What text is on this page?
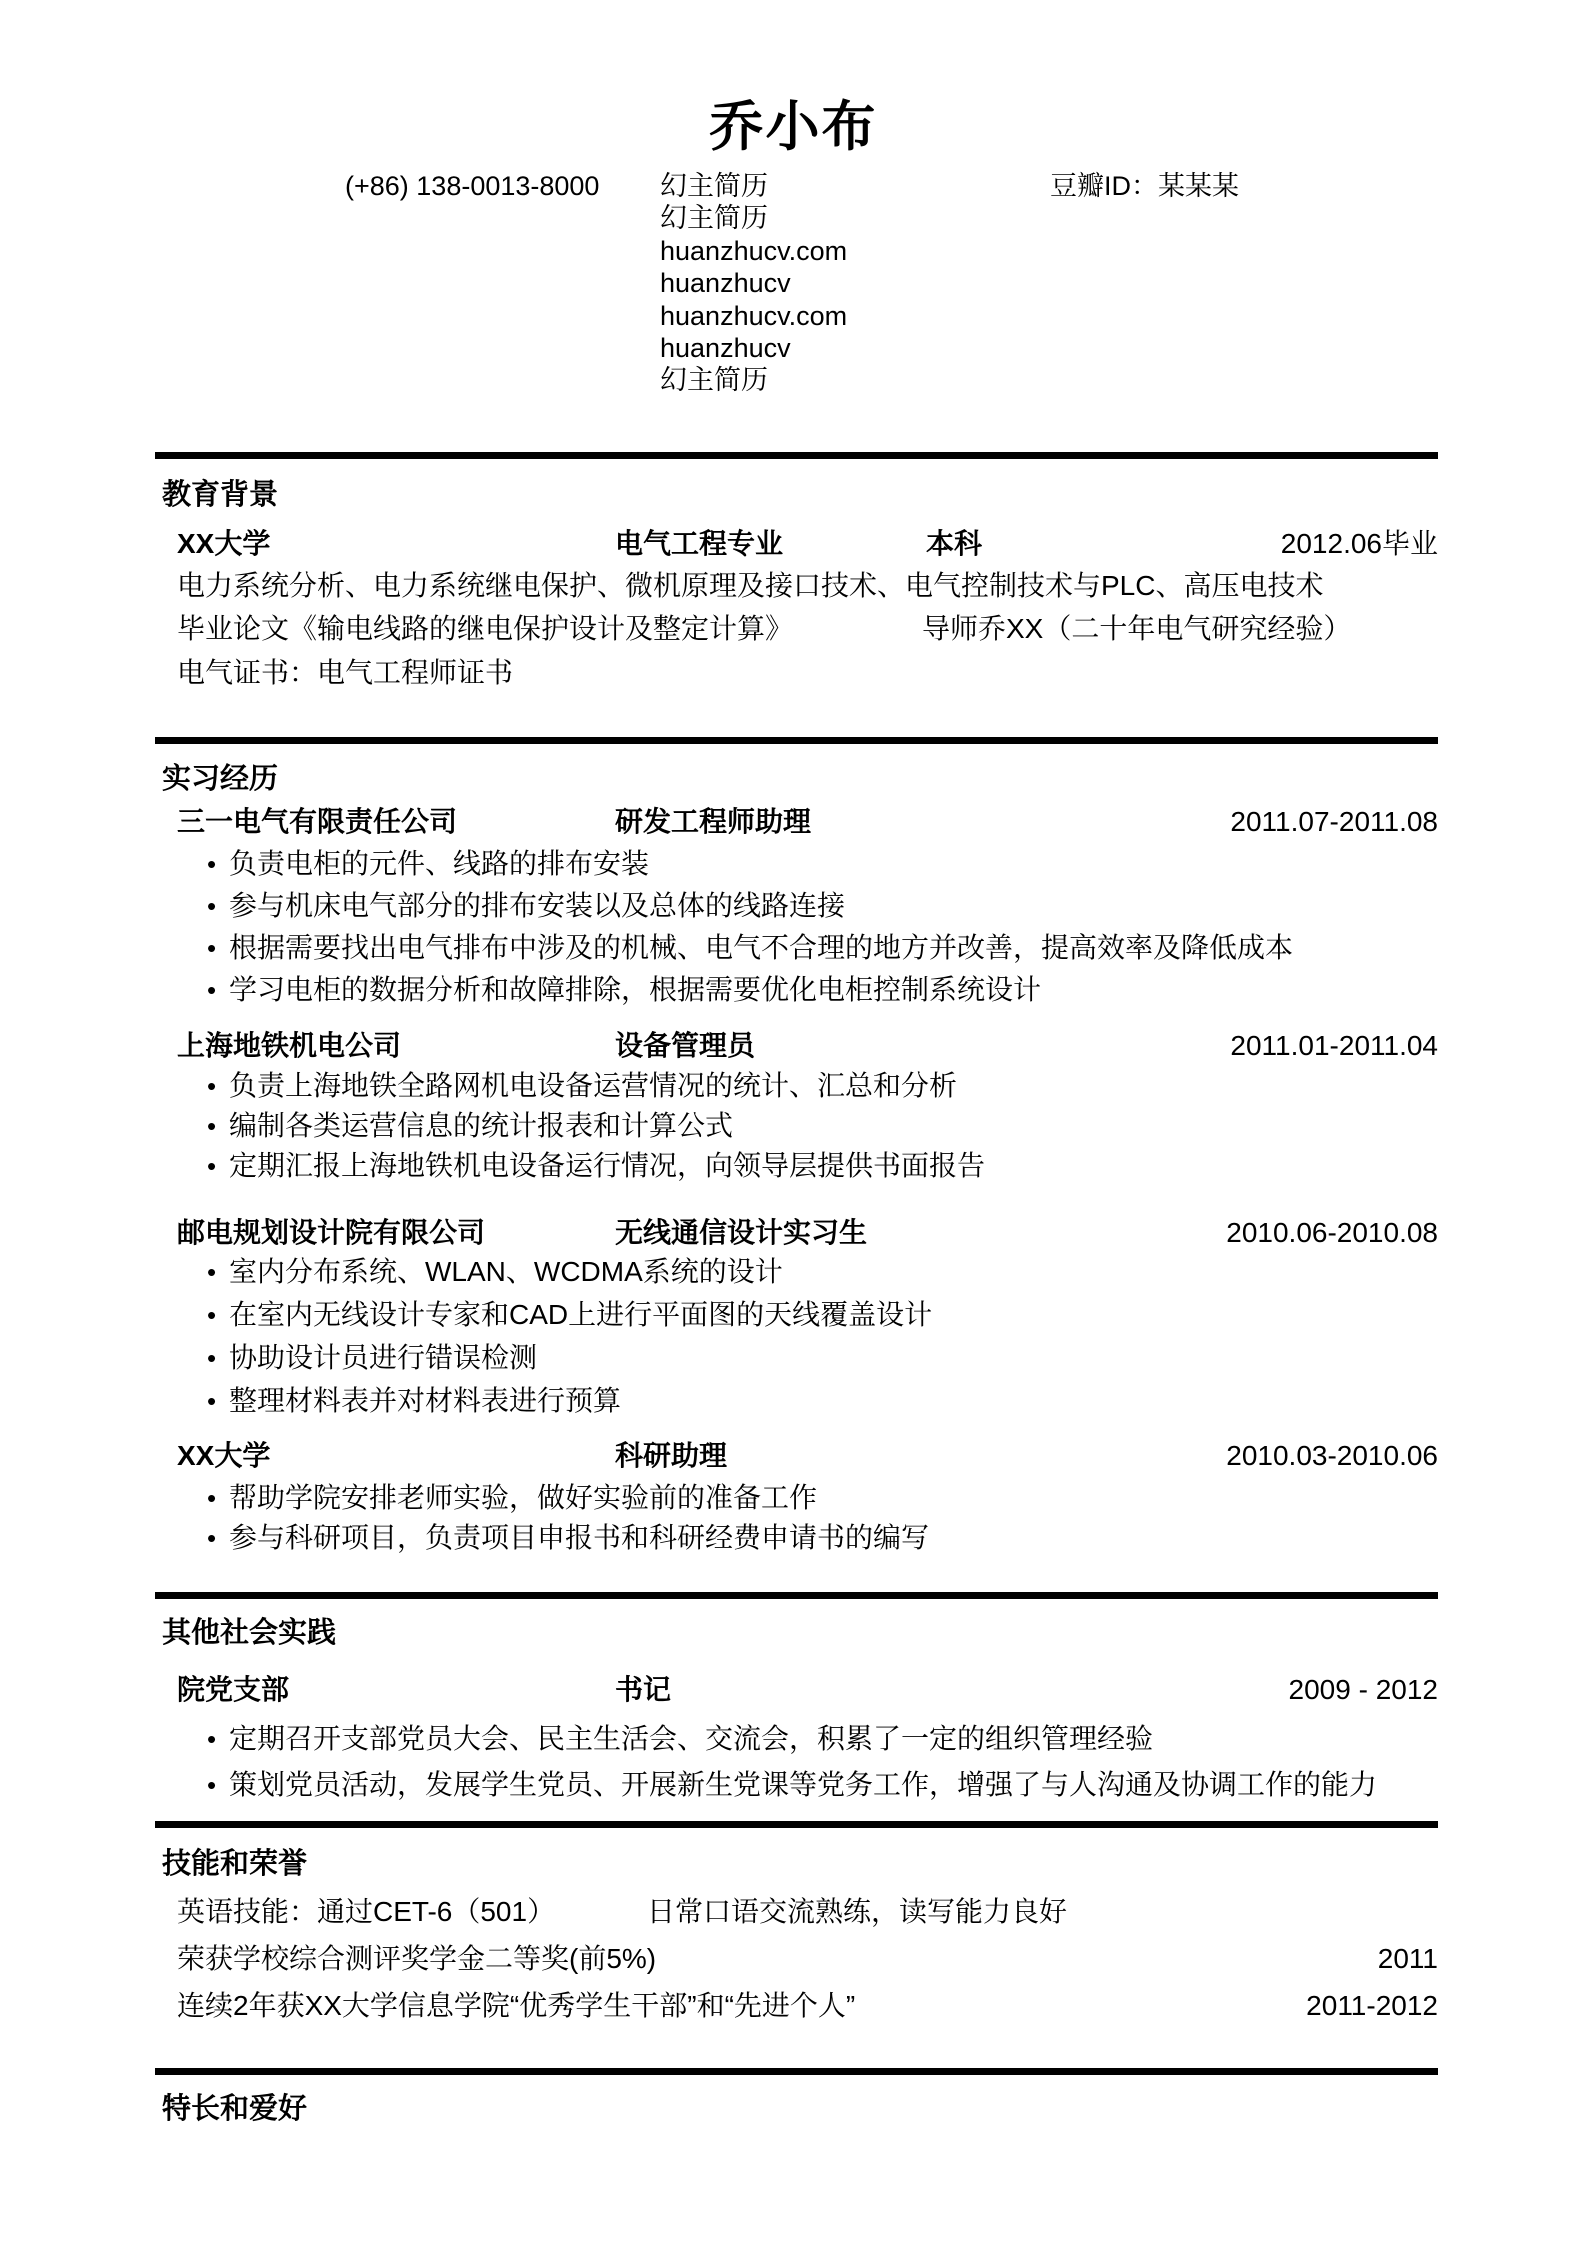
乔小布
(+86) 138-0013-8000 幻主简历
幻主简历
huanzhucv.com
huanzhucv
huanzhucv.com
huanzhucv
幻主简历
豆瓣ID：某某某
教育背景
XX大学	电气工程专业	本科	2012.06毕业
电力系统分析、电力系统继电保护、微机原理及接口技术、电气控制技术与PLC、高压电技术
毕业论文《输电线路的继电保护设计及整定计算》	导师乔XX（二十年电气研究经验）
电气证书：电气工程师证书
实习经历
三一电气有限责任公司	研发工程师助理	2011.07-2011.08
• 负责电柜的元件、线路的排布安装
• 参与机床电气部分的排布安装以及总体的线路连接
• 根据需要找出电气排布中涉及的机械、电气不合理的地方并改善，提高效率及降低成本
• 学习电柜的数据分析和故障排除，根据需要优化电柜控制系统设计
上海地铁机电公司	设备管理员	2011.01-2011.04
• 负责上海地铁全路网机电设备运营情况的统计、汇总和分析
• 编制各类运营信息的统计报表和计算公式
• 定期汇报上海地铁机电设备运行情况，向领导层提供书面报告
邮电规划设计院有限公司	无线通信设计实习生	2010.06-2010.08
• 室内分布系统、WLAN、WCDMA系统的设计
• 在室内无线设计专家和CAD上进行平面图的天线覆盖设计
• 协助设计员进行错误检测
• 整理材料表并对材料表进行预算
XX大学	科研助理	2010.03-2010.06
• 帮助学院安排老师实验，做好实验前的准备工作
• 参与科研项目，负责项目申报书和科研经费申请书的编写
其他社会实践
院党支部	书记	2009 - 2012
• 定期召开支部党员大会、民主生活会、交流会，积累了一定的组织管理经验
• 策划党员活动，发展学生党员、开展新生党课等党务工作，增强了与人沟通及协调工作的能力
技能和荣誉
英语技能：通过CET-6（501）	日常口语交流熟练，读写能力良好
荣获学校综合测评奖学金二等奖(前5%)	2011
连续2年获XX大学信息学院“优秀学生干部”和“先进个人”	2011-2012
特长和爱好
